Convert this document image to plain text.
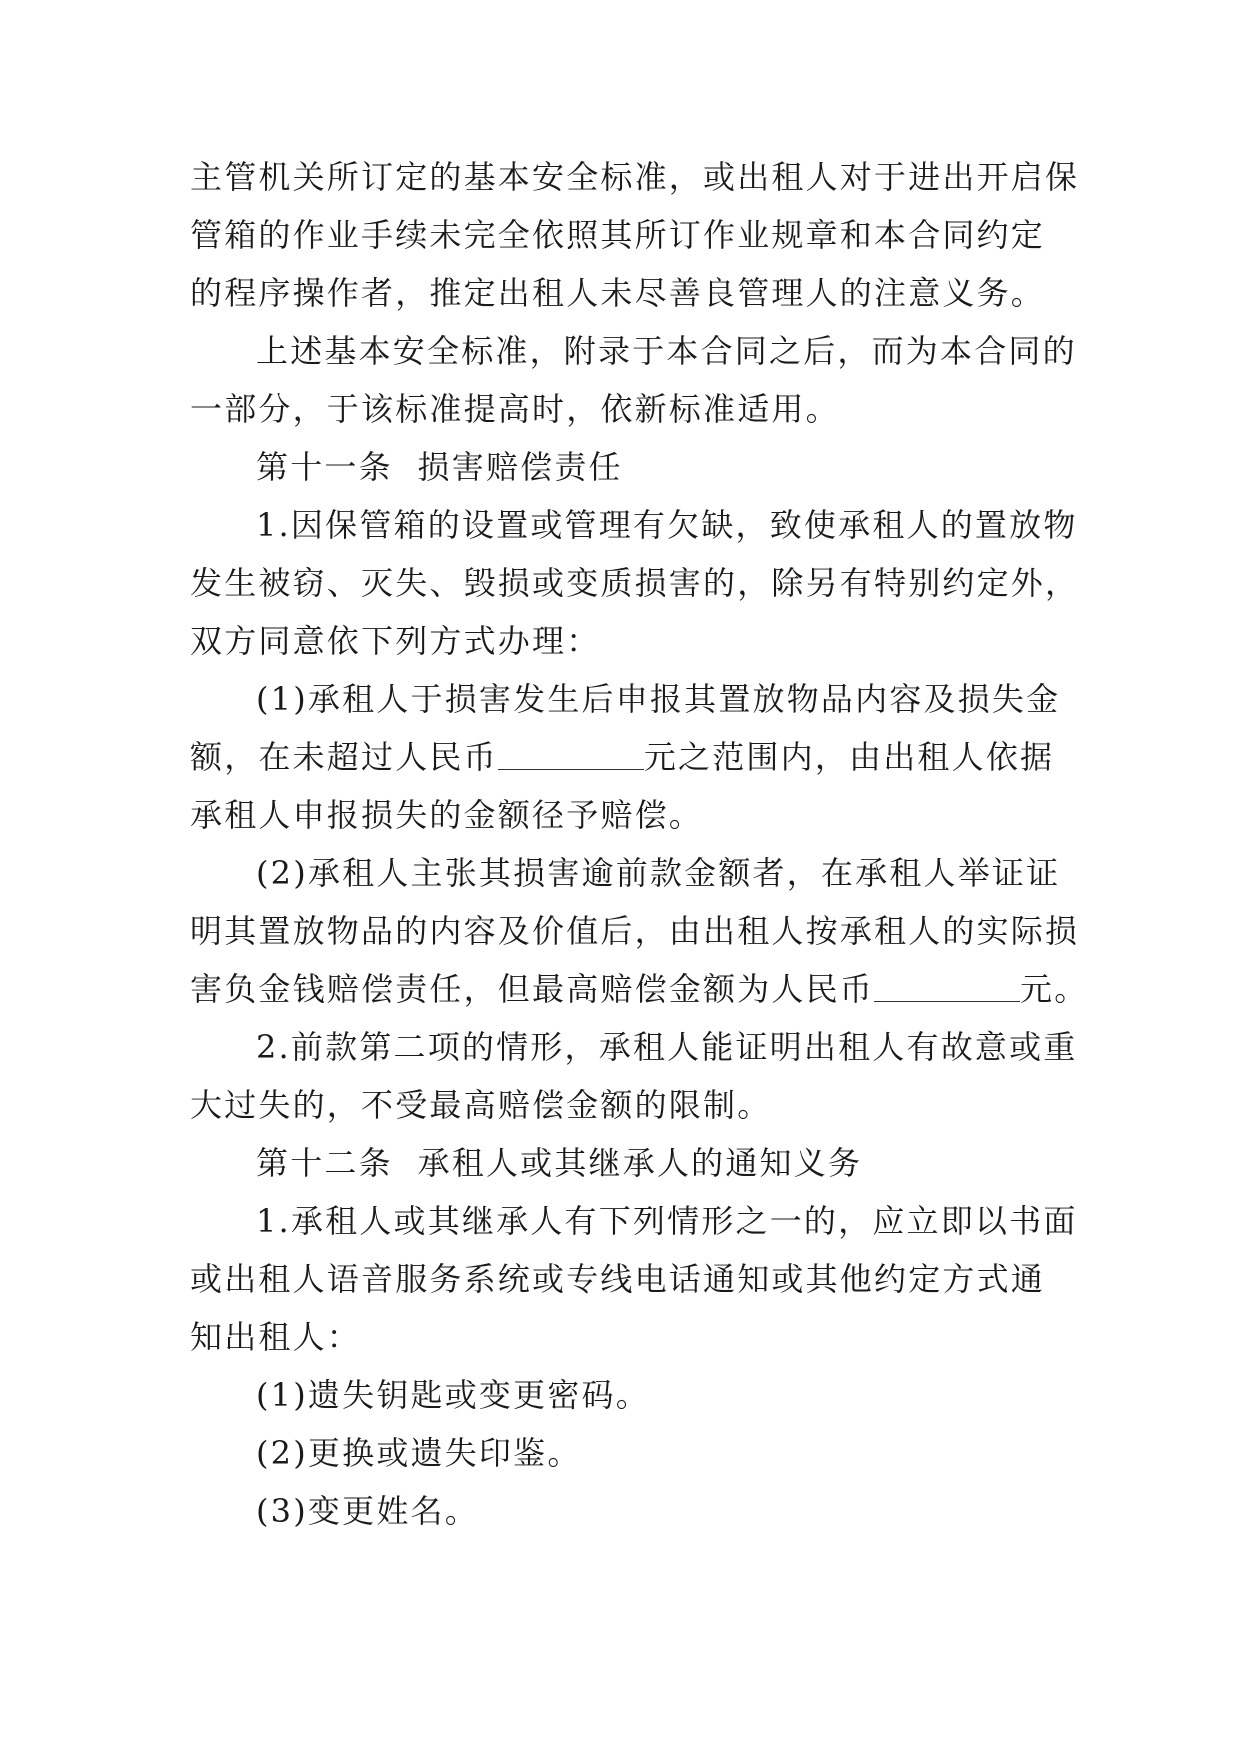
主管机关所订定的基本安全标准，或出租人对于进出开启保
管箱的作业手续未完全依照其所订作业规章和本合同约定
的程序操作者，推定出租人未尽善良管理人的注意义务。
上述基本安全标准，附录于本合同之后，而为本合同的
一部分，于该标准提高时，依新标准适用。
第十一条  损害赔偿责任
1.因保管箱的设置或管理有欠缺，致使承租人的置放物
发生被窃、灭失、毁损或变质损害的，除另有特别约定外，
双方同意依下列方式办理：
(1)承租人于损害发生后申报其置放物品内容及损失金
额，在未超过人民币	元之范围内，由出租人依据
承租人申报损失的金额径予赔偿。
(2)承租人主张其损害逾前款金额者，在承租人举证证
明其置放物品的内容及价值后，由出租人按承租人的实际损
害负金钱赔偿责任，但最高赔偿金额为人民币	元。
2.前款第二项的情形，承租人能证明出租人有故意或重
大过失的，不受最高赔偿金额的限制。
第十二条  承租人或其继承人的通知义务
1.承租人或其继承人有下列情形之一的，应立即以书面
或出租人语音服务系统或专线电话通知或其他约定方式通
知出租人：
(1)遗失钥匙或变更密码。
(2)更换或遗失印鉴。
(3)变更姓名。
